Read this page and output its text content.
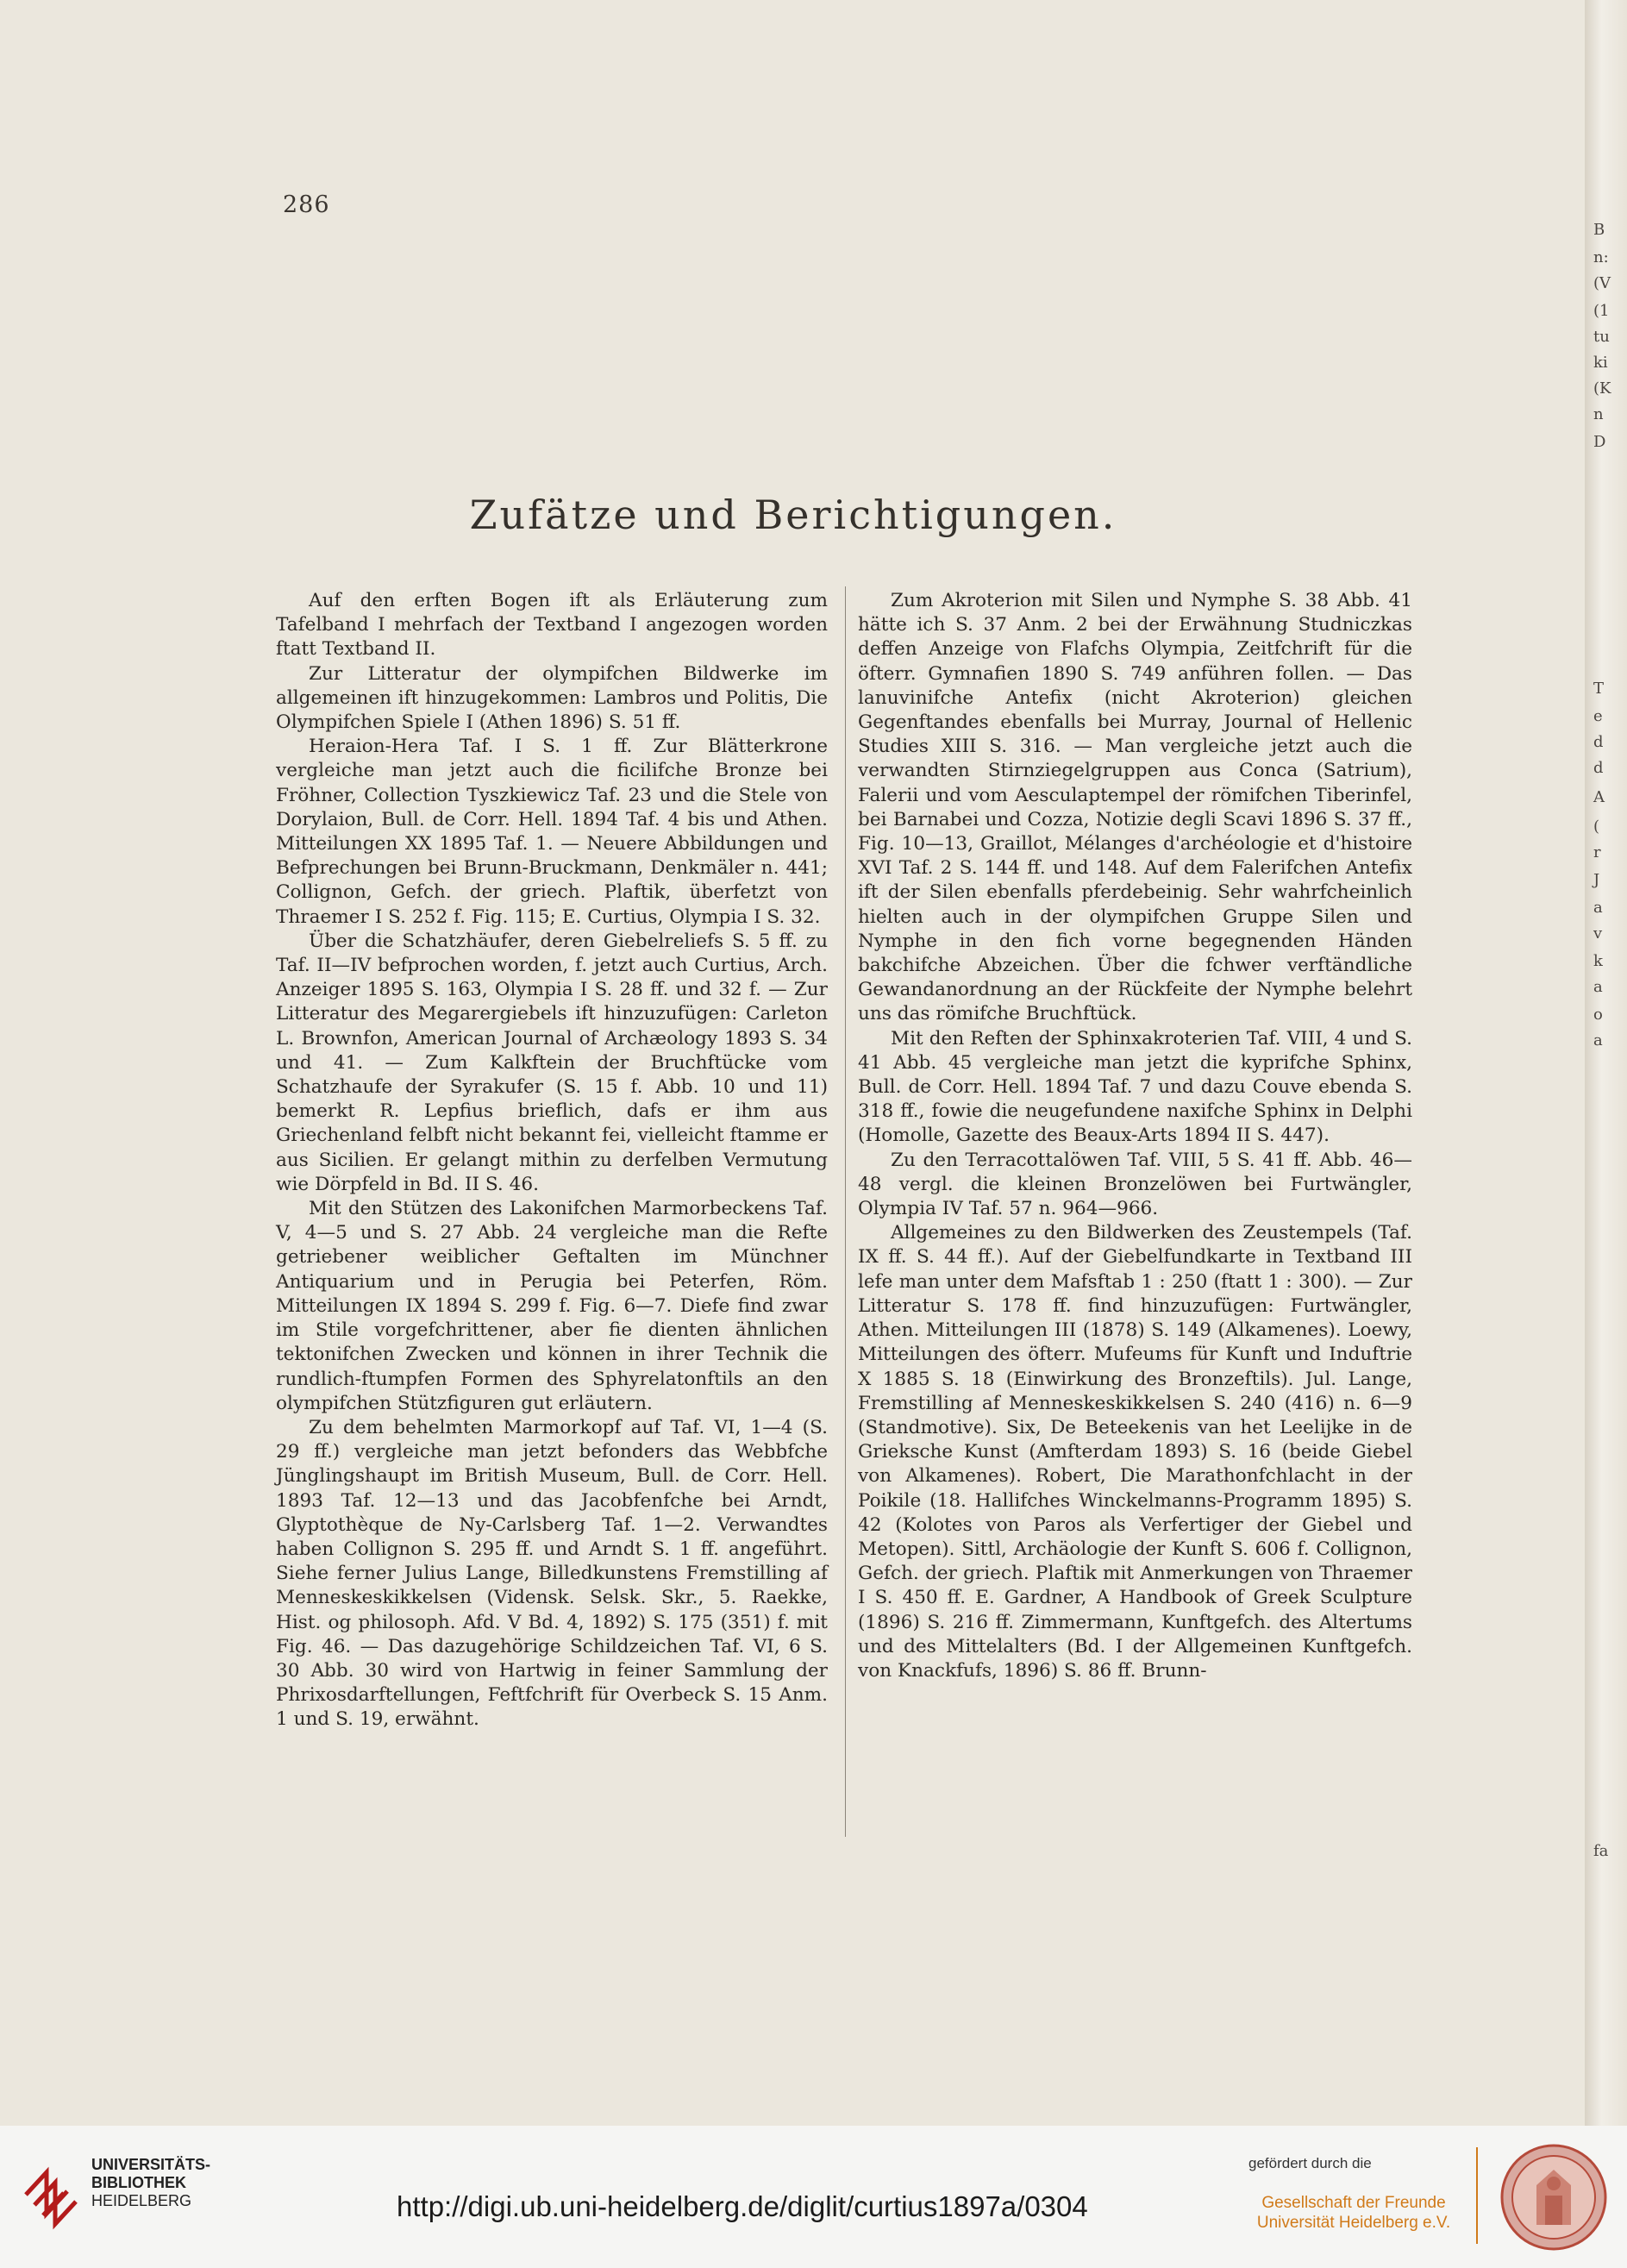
286
Zufätze und Berichtigungen.

Auf den erften Bogen ift als Erläuterung zum Tafelband I mehrfach der Textband I angezogen worden ftatt Textband II.

Zur Litteratur der olympifchen Bildwerke im allgemeinen ift hinzugekommen: Lambros und Politis, Die Olympifchen Spiele I (Athen 1896) S. 51 ff.

Heraion-Hera Taf. I S. 1 ff. Zur Blätterkrone vergleiche man jetzt auch die ficilifche Bronze bei Fröhner, Collection Tyszkiewicz Taf. 23 und die Stele von Dorylaion, Bull. de Corr. Hell. 1894 Taf. 4 bis und Athen. Mitteilungen XX 1895 Taf. 1. — Neuere Abbildungen und Befprechungen bei Brunn-Bruckmann, Denkmäler n. 441; Collignon, Gefch. der griech. Plaftik, überfetzt von Thraemer I S. 252 f. Fig. 115; E. Curtius, Olympia I S. 32.

Über die Schatzhäufer, deren Giebelreliefs S. 5 ff. zu Taf. II—IV befprochen worden, f. jetzt auch Curtius, Arch. Anzeiger 1895 S. 163, Olympia I S. 28 ff. und 32 f. — Zur Litteratur des Megarergiebels ift hinzuzufügen: Carleton L. Brownfon, American Journal of Archæology 1893 S. 34 und 41. — Zum Kalkftein der Bruchftücke vom Schatzhaufe der Syrakufer (S. 15 f. Abb. 10 und 11) bemerkt R. Lepfius brieflich, dafs er ihm aus Griechenland felbft nicht bekannt fei, vielleicht ftamme er aus Sicilien. Er gelangt mithin zu derfelben Vermutung wie Dörpfeld in Bd. II S. 46.

Mit den Stützen des Lakonifchen Marmorbeckens Taf. V, 4—5 und S. 27 Abb. 24 vergleiche man die Refte getriebener weiblicher Geftalten im Münchner Antiquarium und in Perugia bei Peterfen, Röm. Mitteilungen IX 1894 S. 299 f. Fig. 6—7. Diefe find zwar im Stile vorgefchrittener, aber fie dienten ähnlichen tektonifchen Zwecken und können in ihrer Technik die rundlich-ftumpfen Formen des Sphyrelatonftils an den olympifchen Stützfiguren gut erläutern.

Zu dem behelmten Marmorkopf auf Taf. VI, 1—4 (S. 29 ff.) vergleiche man jetzt befonders das Webbfche Jünglingshaupt im British Museum, Bull. de Corr. Hell. 1893 Taf. 12—13 und das Jacobfenfche bei Arndt, Glyptothèque de Ny-Carlsberg Taf. 1—2. Verwandtes haben Collignon S. 295 ff. und Arndt S. 1 ff. angeführt. Siehe ferner Julius Lange, Billedkunstens Fremstilling af Menneskeskikkelsen (Vidensk. Selsk. Skr., 5. Raekke, Hist. og philosoph. Afd. V Bd. 4, 1892) S. 175 (351) f. mit Fig. 46. — Das dazugehörige Schildzeichen Taf. VI, 6 S. 30 Abb. 30 wird von Hartwig in feiner Sammlung der Phrixosdarftellungen, Feftfchrift für Overbeck S. 15 Anm. 1 und S. 19, erwähnt.

Zum Akroterion mit Silen und Nymphe S. 38 Abb. 41 hätte ich S. 37 Anm. 2 bei der Erwähnung Studniczkas deffen Anzeige von Flafchs Olympia, Zeitfchrift für die öfterr. Gymnafien 1890 S. 749 anführen follen. — Das lanuvinifche Antefix (nicht Akroterion) gleichen Gegenftandes ebenfalls bei Murray, Journal of Hellenic Studies XIII S. 316. — Man vergleiche jetzt auch die verwandten Stirnziegelgruppen aus Conca (Satrium), Falerii und vom Aesculaptempel der römifchen Tiberinfel, bei Barnabei und Cozza, Notizie degli Scavi 1896 S. 37 ff., Fig. 10—13, Graillot, Mélanges d'archéologie et d'histoire XVI Taf. 2 S. 144 ff. und 148. Auf dem Falerifchen Antefix ift der Silen ebenfalls pferdebeinig. Sehr wahrfcheinlich hielten auch in der olympifchen Gruppe Silen und Nymphe in den fich vorne begegnenden Händen bakchifche Abzeichen. Über die fchwer verftändliche Gewandanordnung an der Rückfeite der Nymphe belehrt uns das römifche Bruchftück.

Mit den Reften der Sphinxakroterien Taf. VIII, 4 und S. 41 Abb. 45 vergleiche man jetzt die kyprifche Sphinx, Bull. de Corr. Hell. 1894 Taf. 7 und dazu Couve ebenda S. 318 ff., fowie die neugefundene naxifche Sphinx in Delphi (Homolle, Gazette des Beaux-Arts 1894 II S. 447).

Zu den Terracottalöwen Taf. VIII, 5 S. 41 ff. Abb. 46—48 vergl. die kleinen Bronzelöwen bei Furtwängler, Olympia IV Taf. 57 n. 964—966.

Allgemeines zu den Bildwerken des Zeustempels (Taf. IX ff. S. 44 ff.). Auf der Giebelfundkarte in Textband III lefe man unter dem Mafsftab 1 : 250 (ftatt 1 : 300). — Zur Litteratur S. 178 ff. find hinzuzufügen: Furtwängler, Athen. Mitteilungen III (1878) S. 149 (Alkamenes). Loewy, Mitteilungen des öfterr. Mufeums für Kunft und Induftrie X 1885 S. 18 (Einwirkung des Bronzeftils). Jul. Lange, Fremstilling af Menneskeskikkelsen S. 240 (416) n. 6—9 (Standmotive). Six, De Beteekenis van het Leelijke in de Grieksche Kunst (Amfterdam 1893) S. 16 (beide Giebel von Alkamenes). Robert, Die Marathonfchlacht in der Poikile (18. Hallifches Winckelmanns-Programm 1895) S. 42 (Kolotes von Paros als Verfertiger der Giebel und Metopen). Sittl, Archäologie der Kunft S. 606 f. Collignon, Gefch. der griech. Plaftik mit Anmerkungen von Thraemer I S. 450 ff. E. Gardner, A Handbook of Greek Sculpture (1896) S. 216 ff. Zimmermann, Kunftgefch. des Altertums und des Mittelalters (Bd. I der Allgemeinen Kunftgefch. von Knackfufs, 1896) S. 86 ff. Brunn-

UNIVERSITÄTS-
BIBLIOTHEK
HEIDELBERG	http://digi.ub.uni-heidelberg.de/diglit/curtius1897a/0304
gefördert durch die
Gesellschaft der Freunde
Universität Heidelberg e.V.
B
n:
(V
(1
tu
ki
(K
n
D
T
e
d
d
A
(
r
J
a
v
k
a
o
a
fa
